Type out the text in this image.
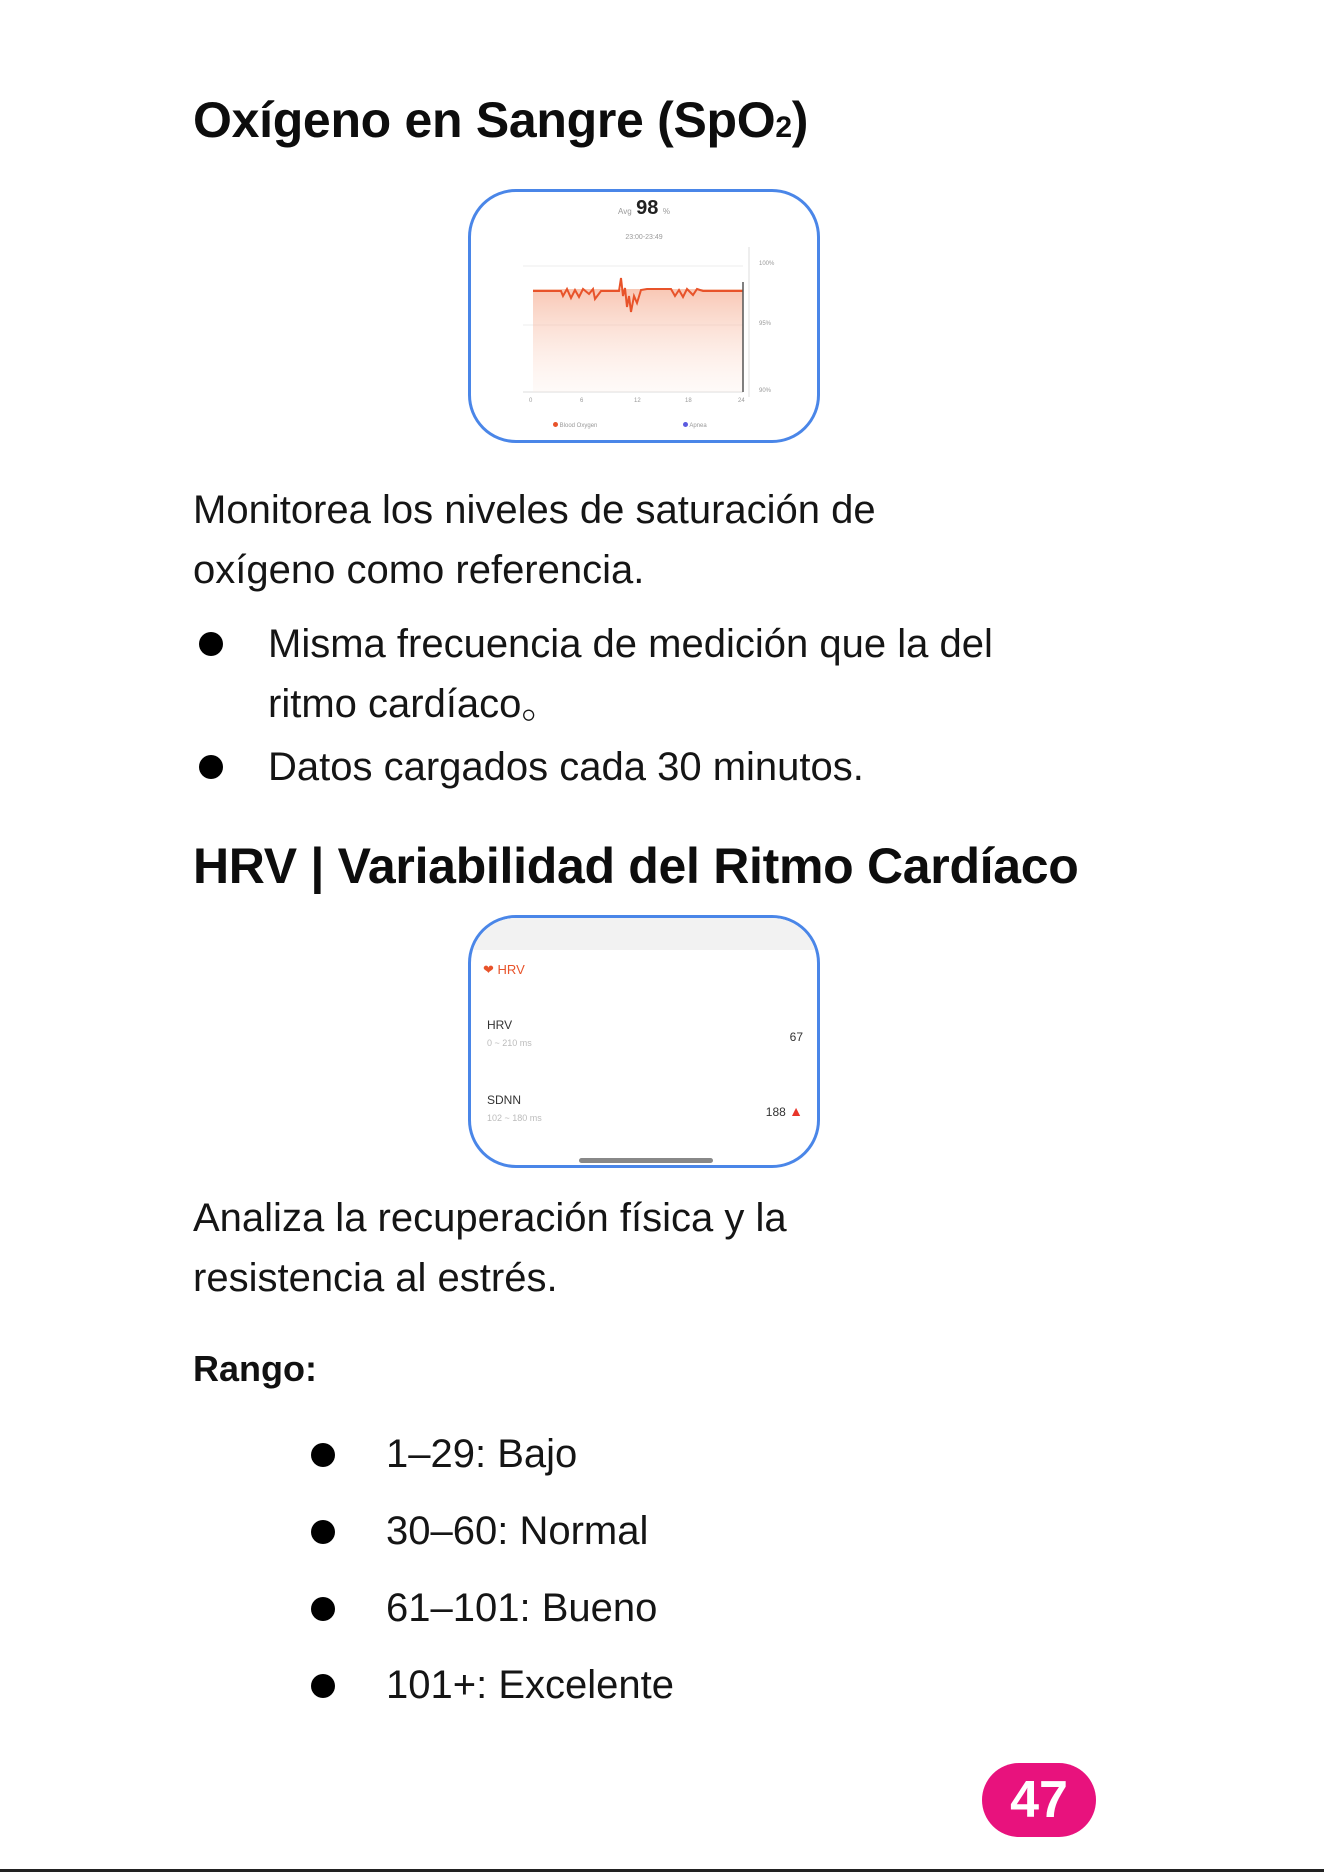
Oxígeno en Sangre (SpO2)
Avg 98 %
23:00-23:49
100%
95%
90%
0	6	12	18	24
Blood Oxygen	Apnea

Monitorea los niveles de saturación de
oxígeno como referencia.

Misma frecuencia de medición que la del
ritmo cardíaco。
Datos cargados cada 30 minutos.
HRV | Variabilidad del Ritmo Cardíaco
❤ HRV
HRV
0 ~ 210 ms	67
SDNN
102 ~ 180 ms	188 ▲

Analiza la recuperación física y la
resistencia al estrés.

Rango:
1–29: Bajo
30–60: Normal
61–101: Bueno
101+: Excelente
47
